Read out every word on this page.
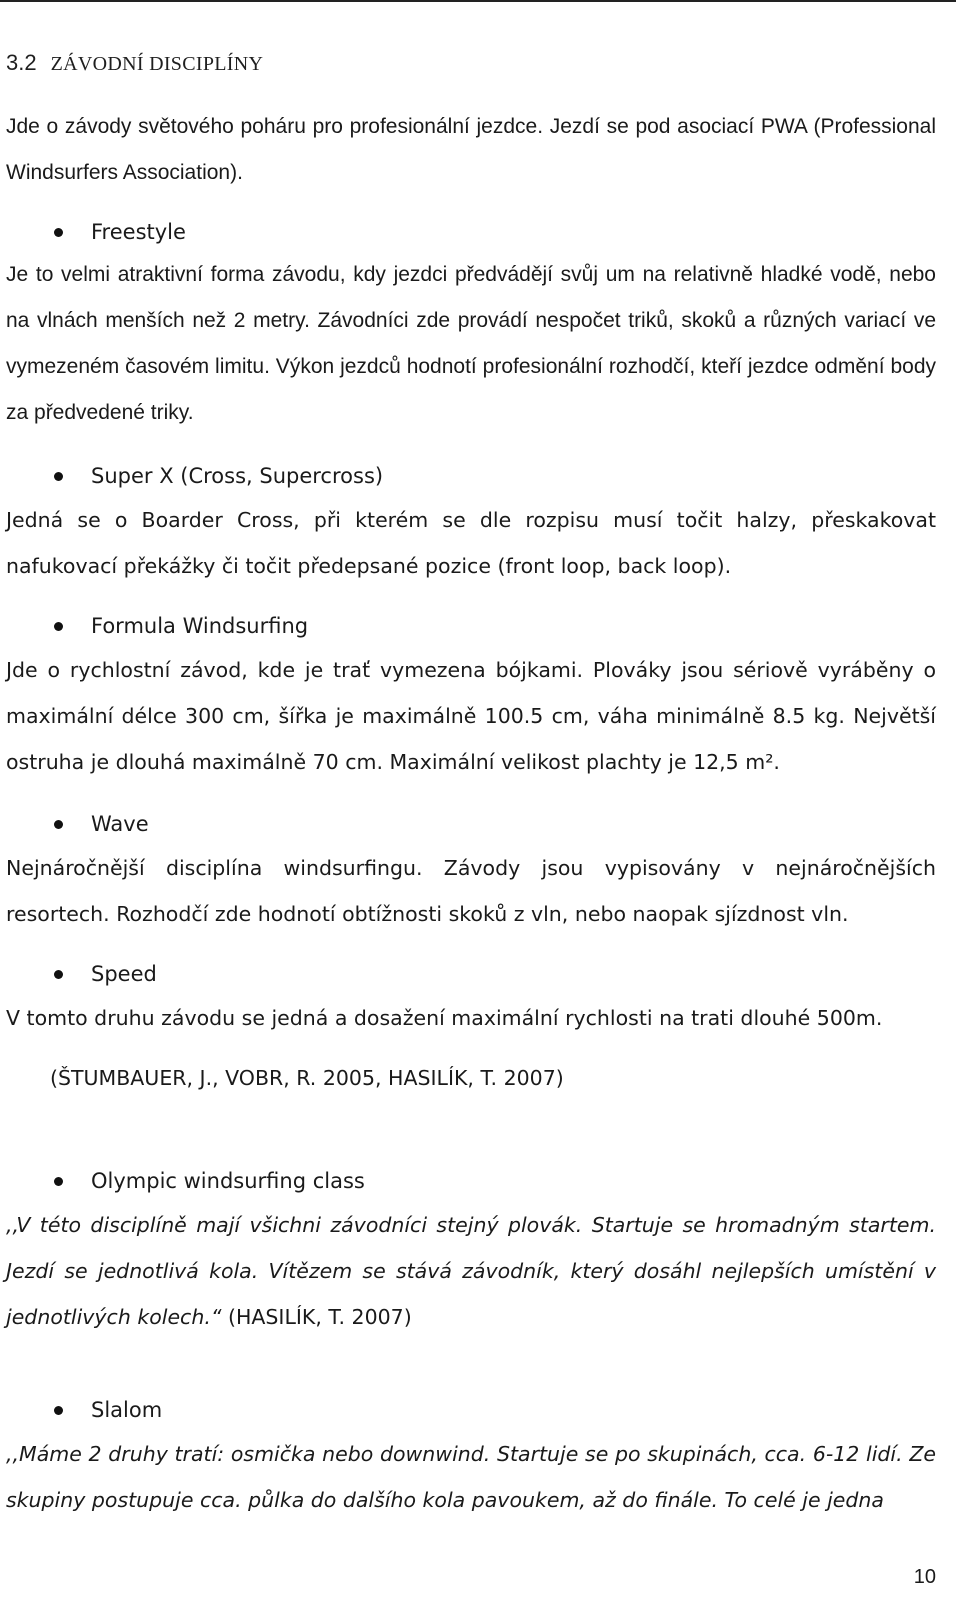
3.2 ZÁVODNÍ DISCIPLÍNY

Jde o závody světového poháru pro profesionální jezdce. Jezdí se pod asociací PWA (Professional Windsurfers Association).

Freestyle

Je to velmi atraktivní forma závodu, kdy jezdci předvádějí svůj um na relativně hladké vodě, nebo na vlnách menších než 2 metry. Závodníci zde provádí nespočet triků, skoků a různých variací ve vymezeném časovém limitu. Výkon jezdců hodnotí profesionální rozhodčí, kteří jezdce odmění body za předvedené triky.

Super X (Cross, Supercross)

Jedná se o Boarder Cross, při kterém se dle rozpisu musí točit halzy, přeskakovat nafukovací překážky či točit předepsané pozice (front loop, back loop).

Formula Windsurfing

Jde o rychlostní závod, kde je trať vymezena bójkami. Plováky jsou sériově vyráběny o maximální délce 300 cm, šířka je maximálně 100.5 cm, váha minimálně 8.5 kg. Největší ostruha je dlouhá maximálně 70 cm. Maximální velikost plachty je 12,5 m².

Wave

Nejnáročnější disciplína windsurfingu. Závody jsou vypisovány v nejnáročnějších resortech. Rozhodčí zde hodnotí obtížnosti skoků z vln, nebo naopak sjízdnost vln.

Speed

V tomto druhu závodu se jedná a dosažení maximální rychlosti na trati dlouhé 500m.

(ŠTUMBAUER, J., VOBR, R. 2005, HASILÍK, T. 2007)
Olympic windsurfing class

‚‚V této disciplíně mají všichni závodníci stejný plovák. Startuje se hromadným startem. Jezdí se jednotlivá kola. Vítězem se stává závodník, který dosáhl nejlepších umístění v jednotlivých kolech.“ (HASILÍK, T. 2007)

Slalom

‚‚Máme 2 druhy tratí: osmička nebo downwind. Startuje se po skupinách, cca. 6-12 lidí. Ze skupiny postupuje cca. půlka do dalšího kola pavoukem, až do finále. To celé je jedna

10
